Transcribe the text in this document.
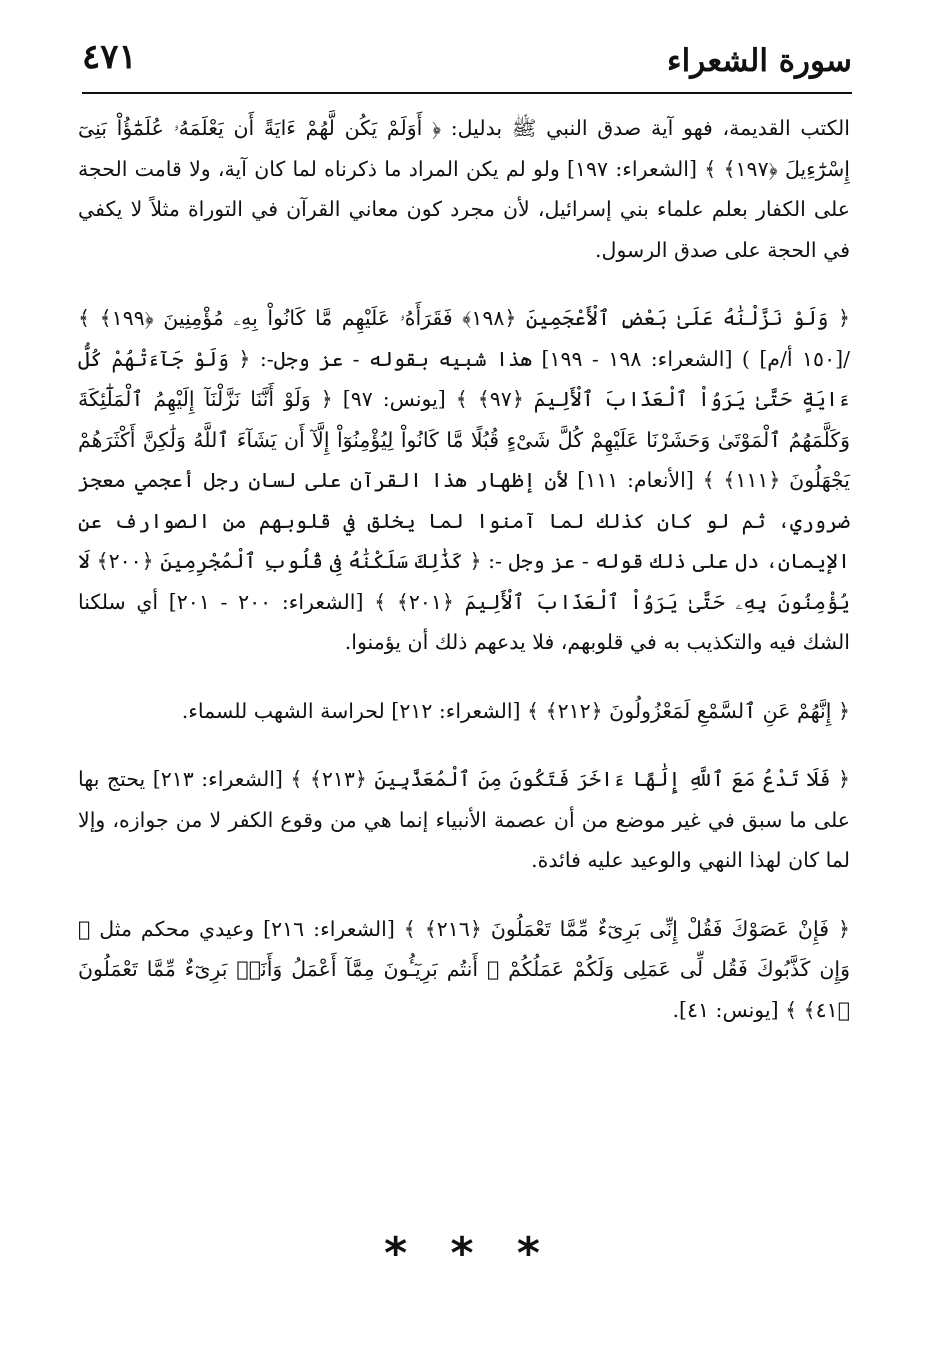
٤٧١	سورة الشعراء

الكتب القديمة، فهو آية صدق النبي ﷺ بدليل: ﴿ أَوَلَمْ يَكُن لَّهُمْ ءَايَةً أَن يَعْلَمَهُۥ عُلَمَٰٓؤُاْ بَنِىٓ إِسْرَٰٓءِيلَ ﴿١٩٧﴾ ﴾ [الشعراء: ١٩٧] ولو لم يكن المراد ما ذكرناه لما كان آية، ولا قامت الحجة على الكفار بعلم علماء بني إسرائيل، لأن مجرد كون معاني القرآن في التوراة مثلاً لا يكفي في الحجة على صدق الرسول.

﴿ وَلَوْ نَزَّلْنَٰهُ عَلَىٰ بَعْضِ ٱلْأَعْجَمِينَ ﴿١٩٨﴾ فَقَرَأَهُۥ عَلَيْهِم مَّا كَانُواْ بِهِۦ مُؤْمِنِينَ ﴿١٩٩﴾ ﴾ /[١٥٠ أ/م] ) [الشعراء: ١٩٨ - ١٩٩] هذا شبيه بقوله - عز وجل-: ﴿ وَلَوْ جَآءَتْهُمْ كُلُّ ءَايَةٍ حَتَّىٰ يَرَوُاْ ٱلْعَذَابَ ٱلْأَلِيمَ ﴿٩٧﴾ ﴾ [يونس: ٩٧] ﴿ وَلَوْ أَنَّنَا نَزَّلْنَآ إِلَيْهِمُ ٱلْمَلَٰٓئِكَةَ وَكَلَّمَهُمُ ٱلْمَوْتَىٰ وَحَشَرْنَا عَلَيْهِمْ كُلَّ شَىْءٍ قُبُلًا مَّا كَانُواْ لِيُؤْمِنُوٓاْ إِلَّآ أَن يَشَآءَ ٱللَّهُ وَلَٰكِنَّ أَكْثَرَهُمْ يَجْهَلُونَ ﴿١١١﴾ ﴾ [الأنعام: ١١١] لأن إظهار هذا القرآن على لسان رجل أعجمي معجز ضروري، ثم لو كان كذلك لما آمنوا لما يخلق في قلوبهم من الصوارف عن الإيمان، دل على ذلك قوله - عز وجل -: ﴿ كَذَٰلِكَ سَلَكْنَٰهُ فِى قُلُوبِ ٱلْمُجْرِمِينَ ﴿٢٠٠﴾ لَا يُؤْمِنُونَ بِهِۦ حَتَّىٰ يَرَوُاْ ٱلْعَذَابَ ٱلْأَلِيمَ ﴿٢٠١﴾ ﴾ [الشعراء: ٢٠٠ - ٢٠١] أي سلكنا الشك فيه والتكذيب به في قلوبهم، فلا يدعهم ذلك أن يؤمنوا.

﴿ إِنَّهُمْ عَنِ ٱلسَّمْعِ لَمَعْزُولُونَ ﴿٢١٢﴾ ﴾ [الشعراء: ٢١٢] لحراسة الشهب للسماء.

﴿ فَلَا تَدْعُ مَعَ ٱللَّهِ إِلَٰهًا ءَاخَرَ فَتَكُونَ مِنَ ٱلْمُعَذَّبِينَ ﴿٢١٣﴾ ﴾ [الشعراء: ٢١٣] يحتج بها على ما سبق في غير موضع من أن عصمة الأنبياء إنما هي من وقوع الكفر لا من جوازه، وإلا لما كان لهذا النهي والوعيد عليه فائدة.

﴿ فَإِنْ عَصَوْكَ فَقُلْ إِنِّى بَرِىٓءٌ مِّمَّا تَعْمَلُونَ ﴿٢١٦﴾ ﴾ [الشعراء: ٢١٦] وعيدي محكم مثل ﴿ وَإِن كَذَّبُوكَ فَقُل لِّى عَمَلِى وَلَكُمْ عَمَلُكُمْ ۖ أَنتُم بَرِيٓـُٔونَ مِمَّآ أَعْمَلُ وَأَنَا۠ بَرِىٓءٌ مِّمَّا تَعْمَلُونَ ﴿٤١﴾ ﴾ [يونس: ٤١].

* * *
